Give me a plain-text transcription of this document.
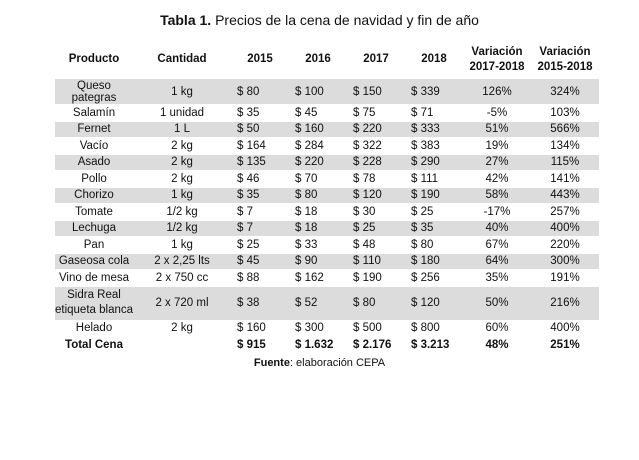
Tabla 1. Precios de la cena de navidad y fin de año
Producto	Cantidad	2015	2016	2017	2018	Variación 2017-2018	Variación 2015-2018
Queso pategras	1 kg	$ 80	$ 100	$ 150	$ 339	126%	324%
Salamín	1 unidad	$ 35	$ 45	$ 75	$ 71	-5%	103%
Fernet	1 L	$ 50	$ 160	$ 220	$ 333	51%	566%
Vacío	2 kg	$ 164	$ 284	$ 322	$ 383	19%	134%
Asado	2 kg	$ 135	$ 220	$ 228	$ 290	27%	115%
Pollo	2 kg	$ 46	$ 70	$ 78	$ 111	42%	141%
Chorizo	1 kg	$ 35	$ 80	$ 120	$ 190	58%	443%
Tomate	1/2 kg	$ 7	$ 18	$ 30	$ 25	-17%	257%
Lechuga	1/2 kg	$ 7	$ 18	$ 25	$ 35	40%	400%
Pan	1 kg	$ 25	$ 33	$ 48	$ 80	67%	220%
Gaseosa cola	2 x 2,25 lts	$ 45	$ 90	$ 110	$ 180	64%	300%
Vino de mesa	2 x 750 cc	$ 88	$ 162	$ 190	$ 256	35%	191%
Sidra Real etiqueta blanca	2 x 720 ml	$ 38	$ 52	$ 80	$ 120	50%	216%
Helado	2 kg	$ 160	$ 300	$ 500	$ 800	60%	400%
Total Cena		$ 915	$ 1.632	$ 2.176	$ 3.213	48%	251%
Fuente: elaboración CEPA
